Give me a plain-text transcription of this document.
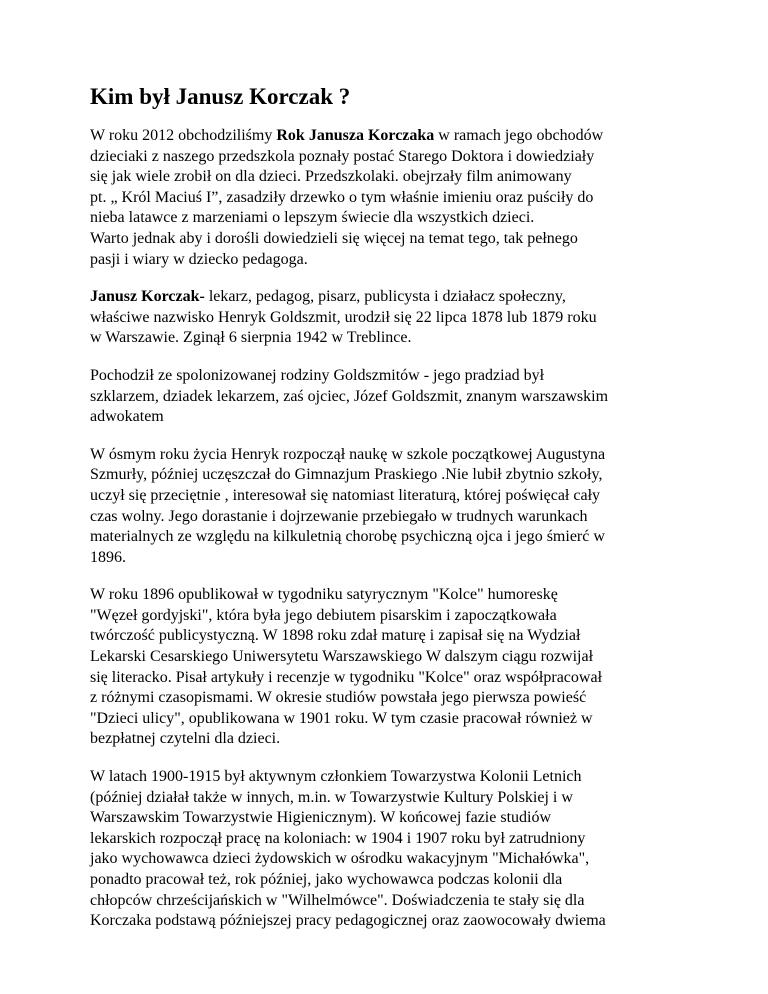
Kim był Janusz Korczak ?

W roku 2012 obchodziliśmy Rok Janusza Korczaka w ramach jego obchodów
dzieciaki z naszego przedszkola poznały postać Starego Doktora i dowiedziały
się jak wiele zrobił on dla dzieci. Przedszkolaki. obejrzały film animowany
pt. „ Król Maciuś I”, zasadziły drzewko o tym właśnie imieniu oraz puściły do
nieba latawce z marzeniami o lepszym świecie dla wszystkich dzieci.
Warto jednak aby i dorośli dowiedzieli się więcej na temat tego, tak pełnego
pasji i wiary w dziecko pedagoga.

Janusz Korczak- lekarz, pedagog, pisarz, publicysta i działacz społeczny,
właściwe nazwisko Henryk Goldszmit, urodził się 22 lipca 1878 lub 1879 roku
w Warszawie. Zginął 6 sierpnia 1942 w Treblince.

Pochodził ze spolonizowanej rodziny Goldszmitów - jego pradziad był
szklarzem, dziadek lekarzem, zaś ojciec, Józef Goldszmit, znanym warszawskim
adwokatem

W ósmym roku życia Henryk rozpoczął naukę w szkole początkowej Augustyna
Szmurły, później uczęszczał do Gimnazjum Praskiego .Nie lubił zbytnio szkoły,
uczył się przeciętnie , interesował się natomiast literaturą, której poświęcał cały
czas wolny. Jego dorastanie i dojrzewanie przebiegało w trudnych warunkach
materialnych ze względu na kilkuletnią chorobę psychiczną ojca i jego śmierć w
1896.

W roku 1896 opublikował w tygodniku satyrycznym "Kolce" humoreskę
"Węzeł gordyjski", która była jego debiutem pisarskim i zapoczątkowała
twórczość publicystyczną. W 1898 roku zdał maturę i zapisał się na Wydział
Lekarski Cesarskiego Uniwersytetu Warszawskiego W dalszym ciągu rozwijał
się literacko. Pisał artykuły i recenzje w tygodniku "Kolce" oraz współpracował
z różnymi czasopismami. W okresie studiów powstała jego pierwsza powieść
"Dzieci ulicy", opublikowana w 1901 roku. W tym czasie pracował również w
bezpłatnej czytelni dla dzieci.

W latach 1900-1915 był aktywnym członkiem Towarzystwa Kolonii Letnich
(później działał także w innych, m.in. w Towarzystwie Kultury Polskiej i w
Warszawskim Towarzystwie Higienicznym). W końcowej fazie studiów
lekarskich rozpoczął pracę na koloniach: w 1904 i 1907 roku był zatrudniony
jako wychowawca dzieci żydowskich w ośrodku wakacyjnym "Michałówka",
ponadto pracował też, rok później, jako wychowawca podczas kolonii dla
chłopców chrześcijańskich w "Wilhelmówce". Doświadczenia te stały się dla
Korczaka podstawą późniejszej pracy pedagogicznej oraz zaowocowały dwiema
